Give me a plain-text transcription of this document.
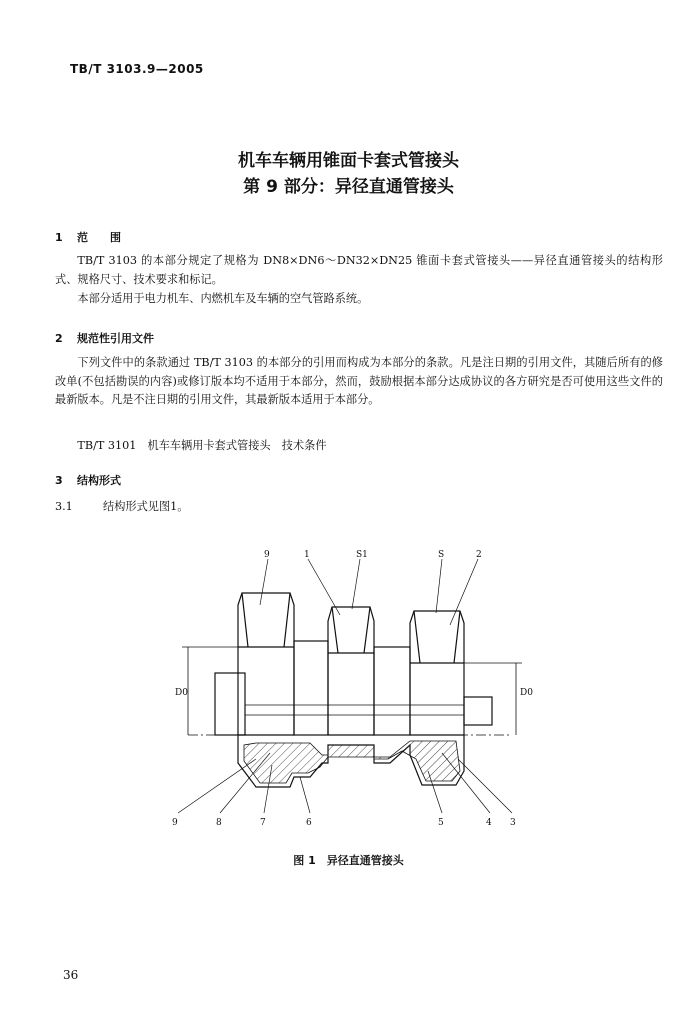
TB/T 3103.9—2005
机车车辆用锥面卡套式管接头
第 9 部分：异径直通管接头
1 范　　围
TB/T 3103 的本部分规定了规格为 DN8×DN6～DN32×DN25 锥面卡套式管接头——异径直通管接头的结构形式、规格尺寸、技术要求和标记。
本部分适用于电力机车、内燃机车及车辆的空气管路系统。
2 规范性引用文件
下列文件中的条款通过 TB/T 3103 的本部分的引用而构成为本部分的条款。凡是注日期的引用文件，其随后所有的修改单(不包括勘误的内容)或修订版本均不适用于本部分，然而，鼓励根据本部分达成协议的各方研究是否可使用这些文件的最新版本。凡是不注日期的引用文件，其最新版本适用于本部分。
TB/T 3101　机车车辆用卡套式管接头　技术条件
3 结构形式
3.1	结构形式见图1。
D0	D0
9	1	S1	S	2
9	8	7	6	5	4 3
图 1　异径直通管接头
36
